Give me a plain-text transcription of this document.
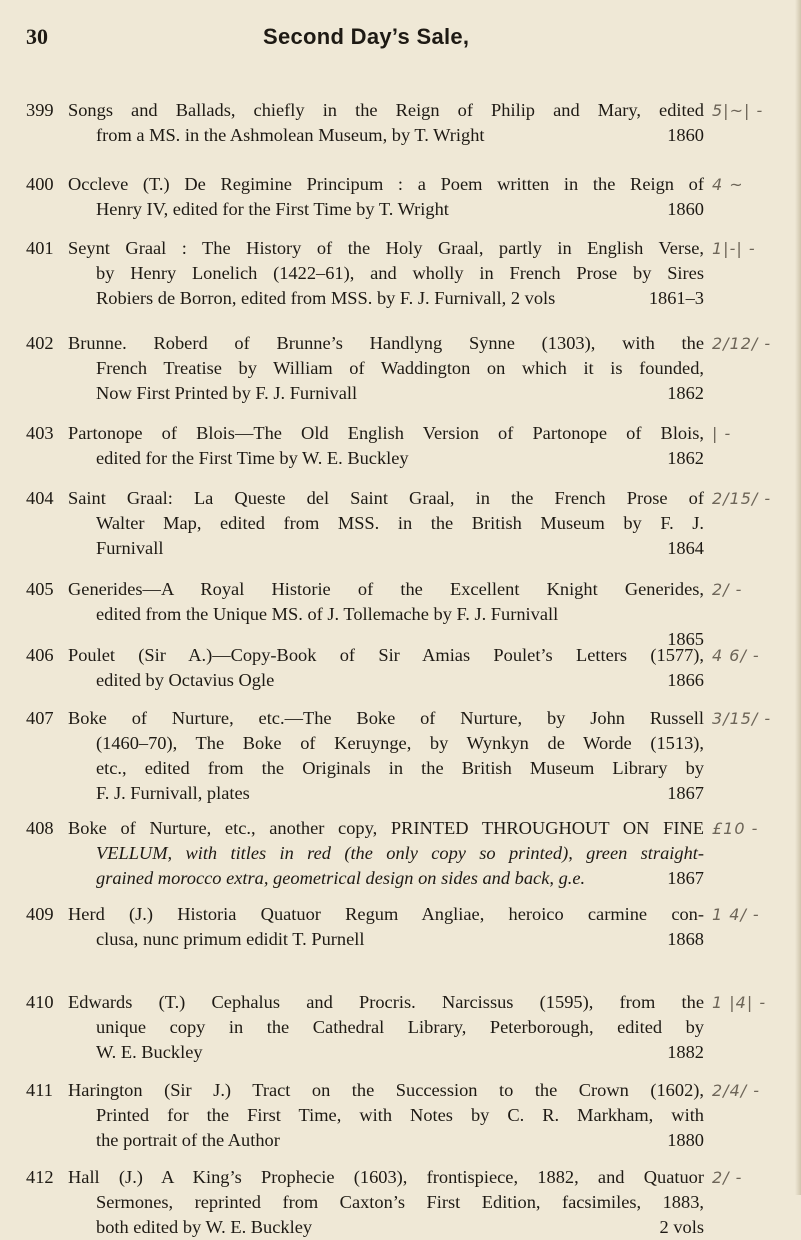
30	Second Day’s Sale,
399 Songs and Ballads, chiefly in the Reign of Philip and Mary, edited
from a MS. in the Ashmolean Museum, by T. Wright	1860
5|~| -
400 Occleve (T.) De Regimine Principum : a Poem written in the Reign of
Henry IV, edited for the First Time by T. Wright	1860
4 ~
401 Seynt Graal : The History of the Holy Graal, partly in English Verse,
by Henry Lonelich (1422–61), and wholly in French Prose by Sires
Robiers de Borron, edited from MSS. by F. J. Furnivall, 2 vols	1861–3
1|-| -
402 Brunne. Roberd of Brunne’s Handlyng Synne (1303), with the
French Treatise by William of Waddington on which it is founded,
Now First Printed by F. J. Furnivall	1862
2/12/ -
403 Partonope of Blois—The Old English Version of Partonope of Blois,
edited for the First Time by W. E. Buckley	1862
| -
404 Saint Graal: La Queste del Saint Graal, in the French Prose of
Walter Map, edited from MSS. in the British Museum by F. J.
Furnivall	1864
2/15/ -
405 Generides—A Royal Historie of the Excellent Knight Generides,
edited from the Unique MS. of J. Tollemache by F. J. Furnivall
1865
2/ -
406 Poulet (Sir A.)—Copy-Book of Sir Amias Poulet’s Letters (1577),
edited by Octavius Ogle	1866
4 6/ -
407 Boke of Nurture, etc.—The Boke of Nurture, by John Russell
(1460–70), The Boke of Keruynge, by Wynkyn de Worde (1513),
etc., edited from the Originals in the British Museum Library by
F. J. Furnivall, plates	1867
3/15/ -
408 Boke of Nurture, etc., another copy, PRINTED THROUGHOUT ON FINE
VELLUM, with titles in red (the only copy so printed), green straight-
grained morocco extra, geometrical design on sides and back, g.e.	1867
£10 -
409 Herd (J.) Historia Quatuor Regum Angliae, heroico carmine con-
clusa, nunc primum edidit T. Purnell	1868
1 4/ -
410 Edwards (T.) Cephalus and Procris. Narcissus (1595), from the
unique copy in the Cathedral Library, Peterborough, edited by
W. E. Buckley	1882
1 |4| -
411 Harington (Sir J.) Tract on the Succession to the Crown (1602),
Printed for the First Time, with Notes by C. R. Markham, with
the portrait of the Author	1880
2/4/ -
412 Hall (J.) A King’s Prophecie (1603), frontispiece, 1882, and Quatuor
Sermones, reprinted from Caxton’s First Edition, facsimiles, 1883,
both edited by W. E. Buckley	2 vols
2/ -
